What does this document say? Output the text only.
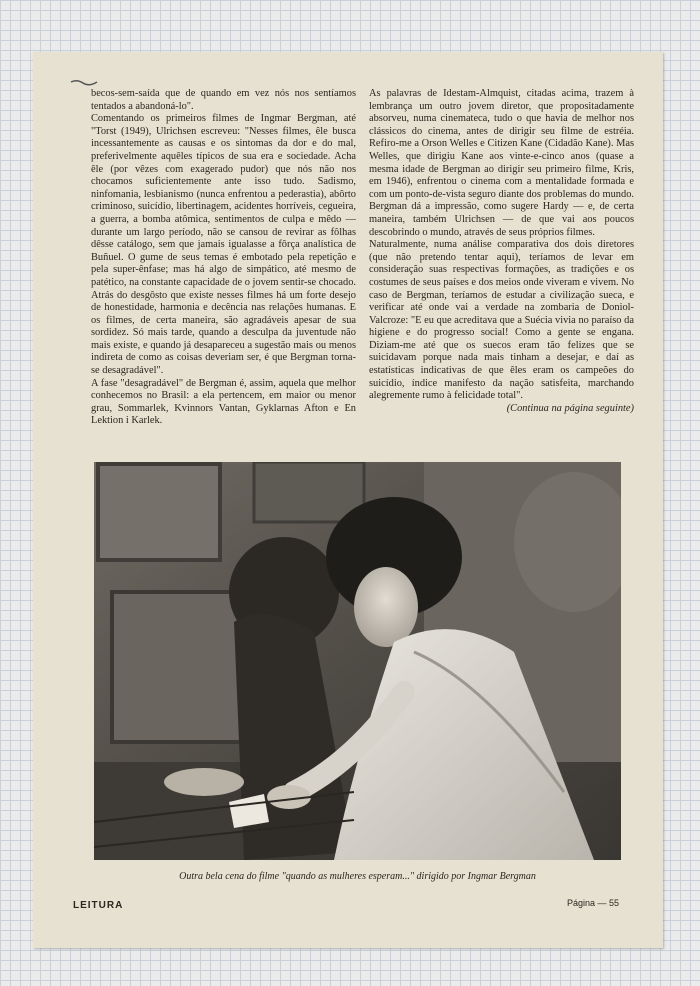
becos-sem-saída que de quando em vez nós nos sentíamos tentados a abandoná-lo".

Comentando os primeiros filmes de Ingmar Bergman, até "Torst (1949), Ulrichsen escreveu: "Nesses filmes, êle busca incessantemente as causas e os sintomas da dor e do mal, preferivelmente aquêles típicos de sua era e sociedade. Acha êle (por vêzes com exagerado pudor) que nós não nos chocamos suficientemente ante isso tudo. Sadismo, ninfomania, lesbianismo (nunca enfrentou a pederastia), abôrto criminoso, suicídio, libertinagem, acidentes horríveis, cegueira, a guerra, a bomba atômica, sentimentos de culpa e mêdo — durante um largo período, não se cansou de revirar as fôlhas dêsse catálogo, sem que jamais igualasse a fôrça analística de Buñuel. O gume de seus temas é embotado pela repetição e pela super-ênfase; mas há algo de simpático, até mesmo de patético, na constante capacidade de o jovem sentir-se chocado. Atrás do desgôsto que existe nesses filmes há um forte desejo de honestidade, harmonia e decência nas relações humanas. E os filmes, de certa maneira, são agradáveis apesar de sua sordidez. Só mais tarde, quando a desculpa da juventude não mais existe, e quando já desapareceu a sugestão mais ou menos indireta de como as coisas deveriam ser, é que Bergman torna-se desagradável".

A fase "desagradável" de Bergman é, assim, aquela que melhor conhecemos no Brasil: a ela pertencem, em maior ou menor grau, Sommarlek, Kvinnors Vantan, Gyklarnas Afton e En Lektion i Karlek.

As palavras de Idestam-Almquist, citadas acima, trazem à lembrança um outro jovem diretor, que propositadamente absorveu, numa cinemateca, tudo o que havia de melhor nos clássicos do cinema, antes de dirigir seu filme de estréia. Refiro-me a Orson Welles e Citizen Kane (Cidadão Kane). Mas Welles, que dirigiu Kane aos vinte-e-cinco anos (quase a mesma idade de Bergman ao dirigir seu primeiro filme, Kris, em 1946), enfrentou o cinema com a mentalidade formada e com um ponto-de-vista seguro diante dos problemas do mundo. Bergman dá a impressão, como sugere Hardy — e, de certa maneira, também Ulrichsen — de que vai aos poucos descobrindo o mundo, através de seus próprios filmes.

Naturalmente, numa análise comparativa dos dois diretores (que não pretendo tentar aqui), teríamos de levar em consideração suas respectivas formações, as tradições e os costumes de seus países e dos meios onde viveram e vivem. No caso de Bergman, teríamos de estudar a civilização sueca, e verificar até onde vai a verdade na zombaria de Doniol-Valcroze: "E eu que acreditava que a Suécia vivia no paraíso da higiene e do progresso social! Como a gente se engana. Diziam-me até que os suecos eram tão felizes que se suicidavam porque nada mais tinham a desejar, e daí as estatísticas indicativas de que êles eram os campeões do suicídio, índice manifesto da nação satisfeita, marchando alegremente rumo à felicidade total".

(Continua na página seguinte)

Outra bela cena do filme "quando as mulheres esperam..." dirigido por Ingmar Bergman
LEITURA	Página — 55
